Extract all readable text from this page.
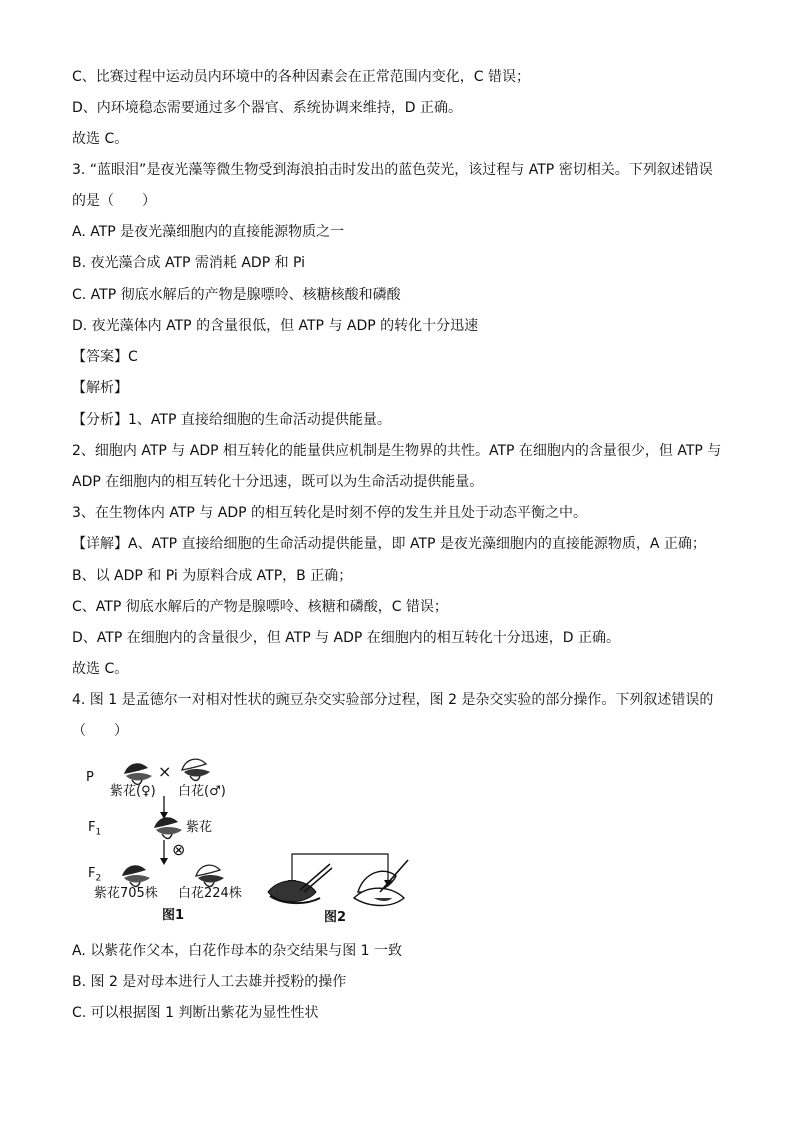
C、比赛过程中运动员内环境中的各种因素会在正常范围内变化，C 错误；
D、内环境稳态需要通过多个器官、系统协调来维持，D 正确。
故选 C。
3. “蓝眼泪”是夜光藻等微生物受到海浪拍击时发出的蓝色荧光，该过程与 ATP 密切相关。下列叙述错误
的是（　　）
A. ATP 是夜光藻细胞内的直接能源物质之一
B. 夜光藻合成 ATP 需消耗 ADP 和 Pi
C. ATP 彻底水解后的产物是腺嘌呤、核糖核酸和磷酸
D. 夜光藻体内 ATP 的含量很低，但 ATP 与 ADP 的转化十分迅速
【答案】C
【解析】
【分析】1、ATP 直接给细胞的生命活动提供能量。
2、细胞内 ATP 与 ADP 相互转化的能量供应机制是生物界的共性。ATP 在细胞内的含量很少，但 ATP 与
ADP 在细胞内的相互转化十分迅速，既可以为生命活动提供能量。
3、在生物体内 ATP 与 ADP 的相互转化是时刻不停的发生并且处于动态平衡之中。
【详解】A、ATP 直接给细胞的生命活动提供能量，即 ATP 是夜光藻细胞内的直接能源物质，A 正确；
B、以 ADP 和 Pi 为原料合成 ATP，B 正确；
C、ATP 彻底水解后的产物是腺嘌呤、核糖和磷酸，C 错误；
D、ATP 在细胞内的含量很少，但 ATP 与 ADP 在细胞内的相互转化十分迅速，D 正确。
故选 C。
4. 图 1 是孟德尔一对相对性状的豌豆杂交实验部分过程，图 2 是杂交实验的部分操作。下列叙述错误的
（　　）
P	×
紫花(♀) 白花(♂)
$F_1$	紫花
⊗
$F_2$
紫花705株 白花224株
图1	图2
A. 以紫花作父本，白花作母本的杂交结果与图 1 一致
B. 图 2 是对母本进行人工去雄并授粉的操作
C. 可以根据图 1 判断出紫花为显性性状
